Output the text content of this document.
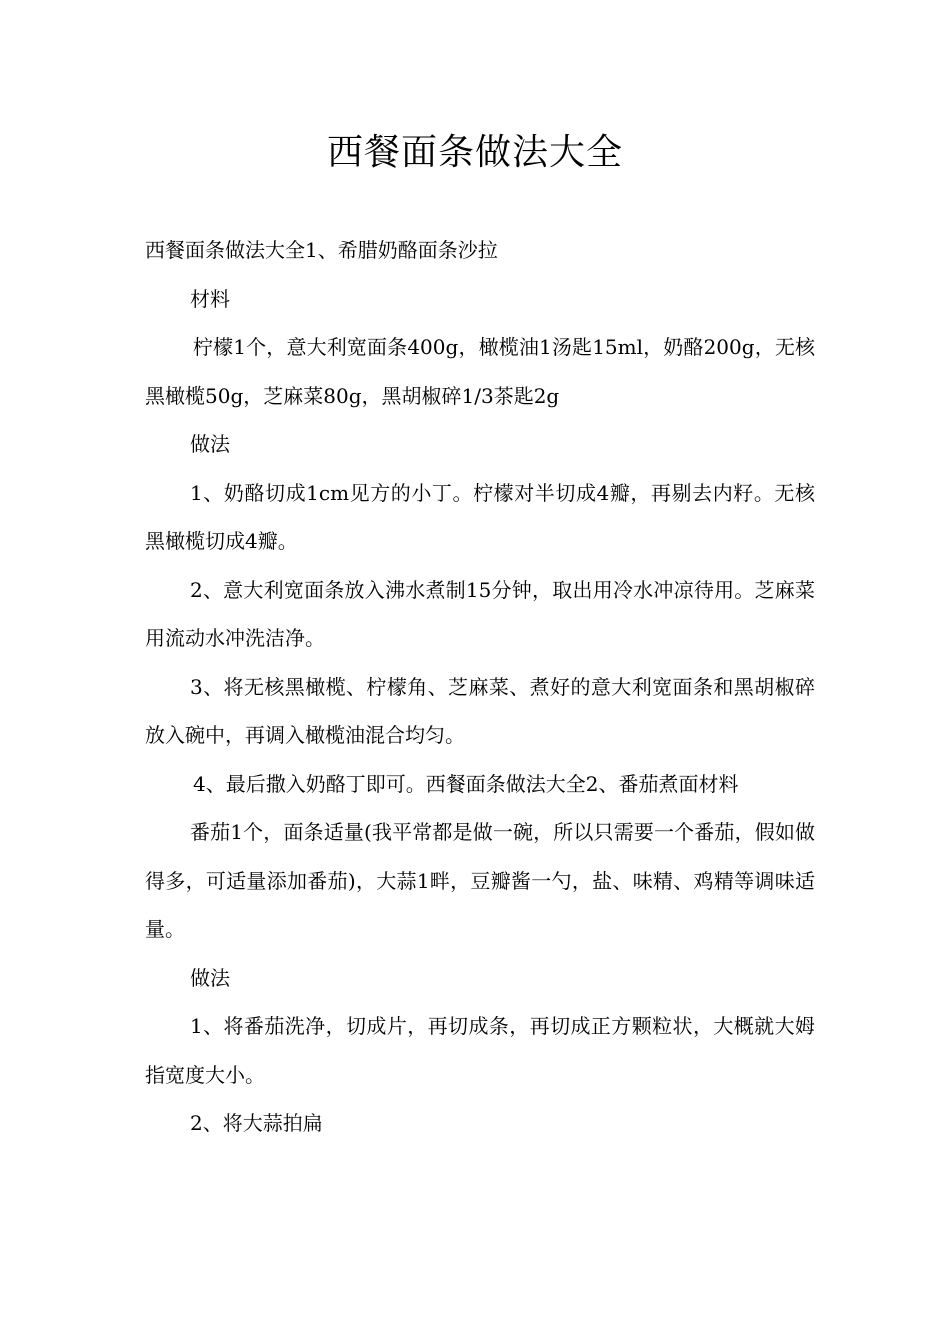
西餐面条做法大全

西餐面条做法大全1、希腊奶酪面条沙拉

材料

柠檬1个，意大利宽面条400g，橄榄油1汤匙15ml，奶酪200g，无核黑橄榄50g，芝麻菜80g，黑胡椒碎1/3茶匙2g

做法

1、奶酪切成1cm见方的小丁。柠檬对半切成4瓣，再剔去内籽。无核黑橄榄切成4瓣。

2、意大利宽面条放入沸水煮制15分钟，取出用冷水冲凉待用。芝麻菜用流动水冲洗洁净。

3、将无核黑橄榄、柠檬角、芝麻菜、煮好的意大利宽面条和黑胡椒碎放入碗中，再调入橄榄油混合均匀。

4、最后撒入奶酪丁即可。西餐面条做法大全2、番茄煮面材料

番茄1个，面条适量(我平常都是做一碗，所以只需要一个番茄，假如做得多，可适量添加番茄)，大蒜1畔，豆瓣酱一勺，盐、味精、鸡精等调味适量。

做法

1、将番茄洗净，切成片，再切成条，再切成正方颗粒状，大概就大姆指宽度大小。

2、将大蒜拍扁
